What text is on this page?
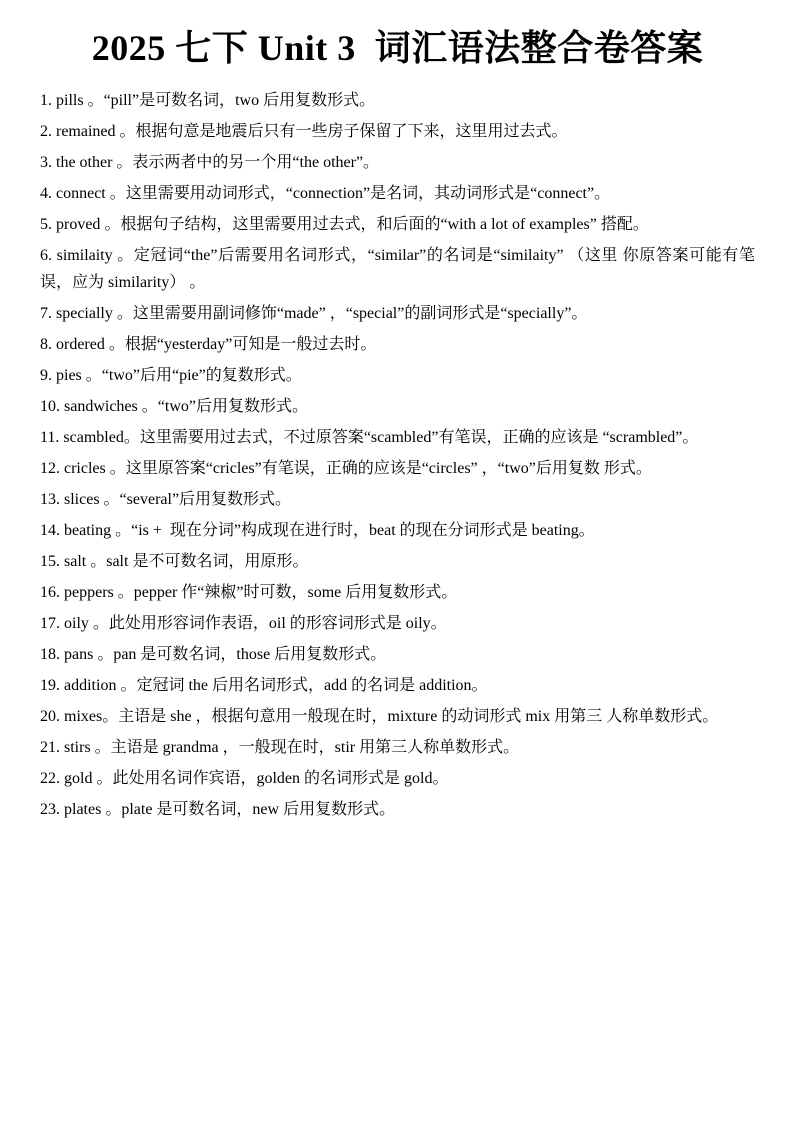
2025 七下 Unit 3  词汇语法整合卷答案

1. pills 。“pill”是可数名词，two 后用复数形式。

2. remained 。根据句意是地震后只有一些房子保留了下来，这里用过去式。

3. the other 。表示两者中的另一个用“the other”。

4. connect 。这里需要用动词形式，“connection”是名词，其动词形式是“connect”。

5. proved 。根据句子结构，这里需要用过去式，和后面的“with a lot of examples” 搭配。

6. similaity 。定冠词“the”后需要用名词形式，“similar”的名词是“similaity” （这里 你原答案可能有笔误，应为 similarity） 。

7. specially 。这里需要用副词修饰“made” ，“special”的副词形式是“specially”。

8. ordered 。根据“yesterday”可知是一般过去时。

9. pies 。“two”后用“pie”的复数形式。

10. sandwiches 。“two”后用复数形式。

11. scambled。这里需要用过去式，不过原答案“scambled”有笔误，正确的应该是 “scrambled”。

12. cricles 。这里原答案“cricles”有笔误，正确的应该是“circles” ，“two”后用复数 形式。

13. slices 。“several”后用复数形式。

14. beating 。“is +  现在分词”构成现在进行时，beat 的现在分词形式是 beating。

15. salt 。salt 是不可数名词，用原形。

16. peppers 。pepper 作“辣椒”时可数，some 后用复数形式。

17. oily 。此处用形容词作表语，oil 的形容词形式是 oily。

18. pans 。pan 是可数名词，those 后用复数形式。

19. addition 。定冠词 the 后用名词形式，add 的名词是 addition。

20. mixes。主语是 she ，根据句意用一般现在时，mixture 的动词形式 mix 用第三 人称单数形式。

21. stirs 。主语是 grandma ，一般现在时，stir 用第三人称单数形式。

22. gold 。此处用名词作宾语，golden 的名词形式是 gold。

23. plates 。plate 是可数名词，new 后用复数形式。
